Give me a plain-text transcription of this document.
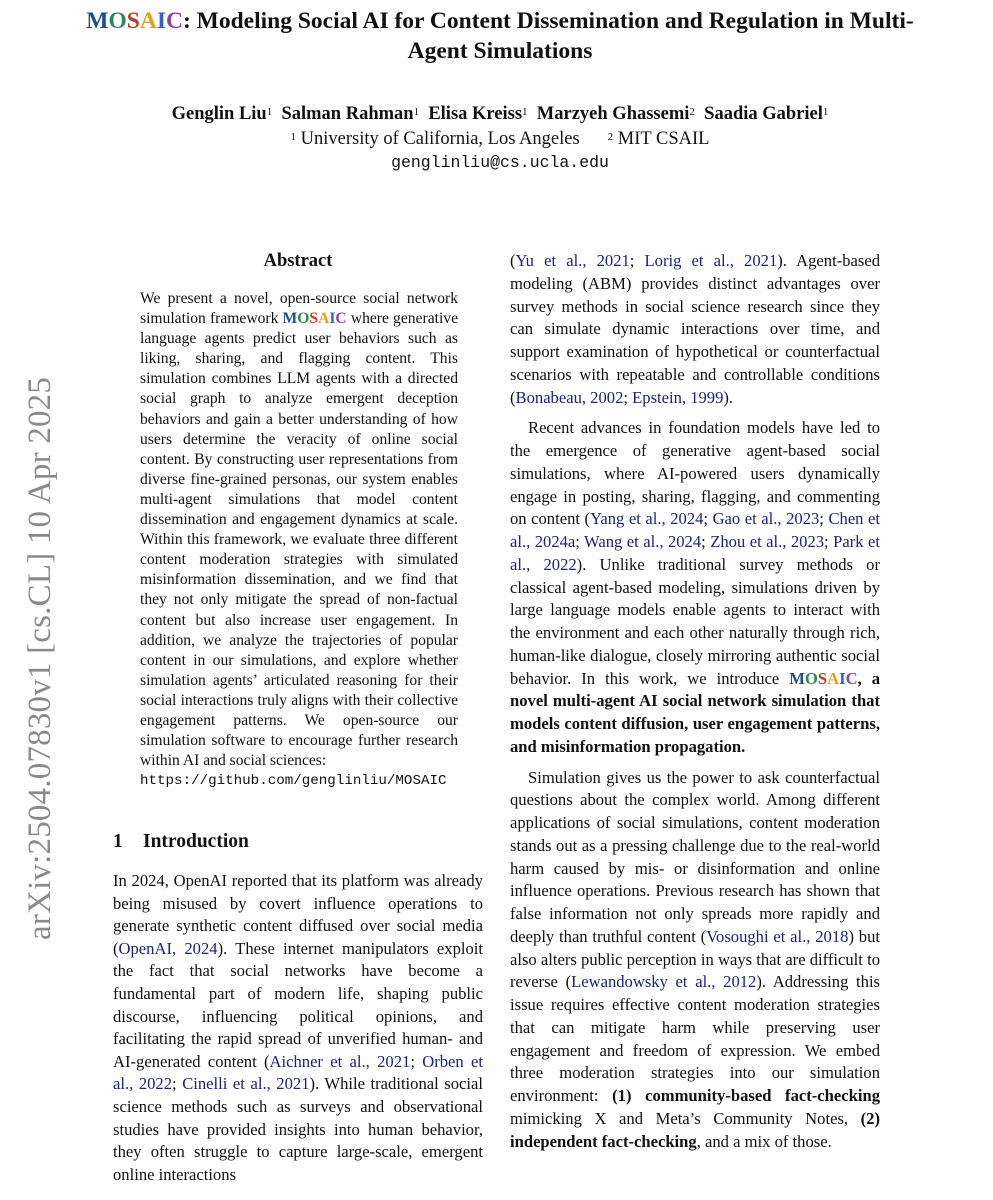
MOSAIC: Modeling Social AI for Content Dissemination and Regulation in Multi-Agent Simulations
Genglin Liu$^1$ Salman Rahman$^1$ Elisa Kreiss$^1$ Marzyeh Ghassemi$^2$ Saadia Gabriel$^1$
$^1$ University of California, Los Angeles	$^2$ MIT CSAIL
genglinliu@cs.ucla.edu
arXiv:2504.07830v1 [cs.CL] 10 Apr 2025
Abstract
We present a novel, open-source social network simulation framework MOSAIC where generative language agents predict user behaviors such as liking, sharing, and flagging content. This simulation combines LLM agents with a directed social graph to analyze emergent deception behaviors and gain a better understanding of how users determine the veracity of online social content. By constructing user representations from diverse fine-grained personas, our system enables multi-agent simulations that model content dissemination and engagement dynamics at scale. Within this framework, we evaluate three different content moderation strategies with simulated misinformation dissemination, and we find that they not only mitigate the spread of non-factual content but also increase user engagement. In addition, we analyze the trajectories of popular content in our simulations, and explore whether simulation agents’ articulated reasoning for their social interactions truly aligns with their collective engagement patterns. We open-source our simulation software to encourage further research within AI and social sciences:
https://github.com/genglinliu/MOSAIC
1 Introduction

In 2024, OpenAI reported that its platform was already being misused by covert influence operations to generate synthetic content diffused over social media (OpenAI, 2024). These internet manipulators exploit the fact that social networks have become a fundamental part of modern life, shaping public discourse, influencing political opinions, and facilitating the rapid spread of unverified human- and AI-generated content (Aichner et al., 2021; Orben et al., 2022; Cinelli et al., 2021). While traditional social science methods such as surveys and observational studies have provided insights into human behavior, they often struggle to capture large-scale, emergent online interactions

(Yu et al., 2021; Lorig et al., 2021). Agent-based modeling (ABM) provides distinct advantages over survey methods in social science research since they can simulate dynamic interactions over time, and support examination of hypothetical or counterfactual scenarios with repeatable and controllable conditions (Bonabeau, 2002; Epstein, 1999).

Recent advances in foundation models have led to the emergence of generative agent-based social simulations, where AI-powered users dynamically engage in posting, sharing, flagging, and commenting on content (Yang et al., 2024; Gao et al., 2023; Chen et al., 2024a; Wang et al., 2024; Zhou et al., 2023; Park et al., 2022). Unlike traditional survey methods or classical agent-based modeling, simulations driven by large language models enable agents to interact with the environment and each other naturally through rich, human-like dialogue, closely mirroring authentic social behavior. In this work, we introduce MOSAIC, a novel multi-agent AI social network simulation that models content diffusion, user engagement patterns, and misinformation propagation.

Simulation gives us the power to ask counterfactual questions about the complex world. Among different applications of social simulations, content moderation stands out as a pressing challenge due to the real-world harm caused by mis- or disinformation and online influence operations. Previous research has shown that false information not only spreads more rapidly and deeply than truthful content (Vosoughi et al., 2018) but also alters public perception in ways that are difficult to reverse (Lewandowsky et al., 2012). Addressing this issue requires effective content moderation strategies that can mitigate harm while preserving user engagement and freedom of expression. We embed three moderation strategies into our simulation environment: (1) community-based fact-checking mimicking X and Meta’s Community Notes, (2) independent fact-checking, and a mix of those.
